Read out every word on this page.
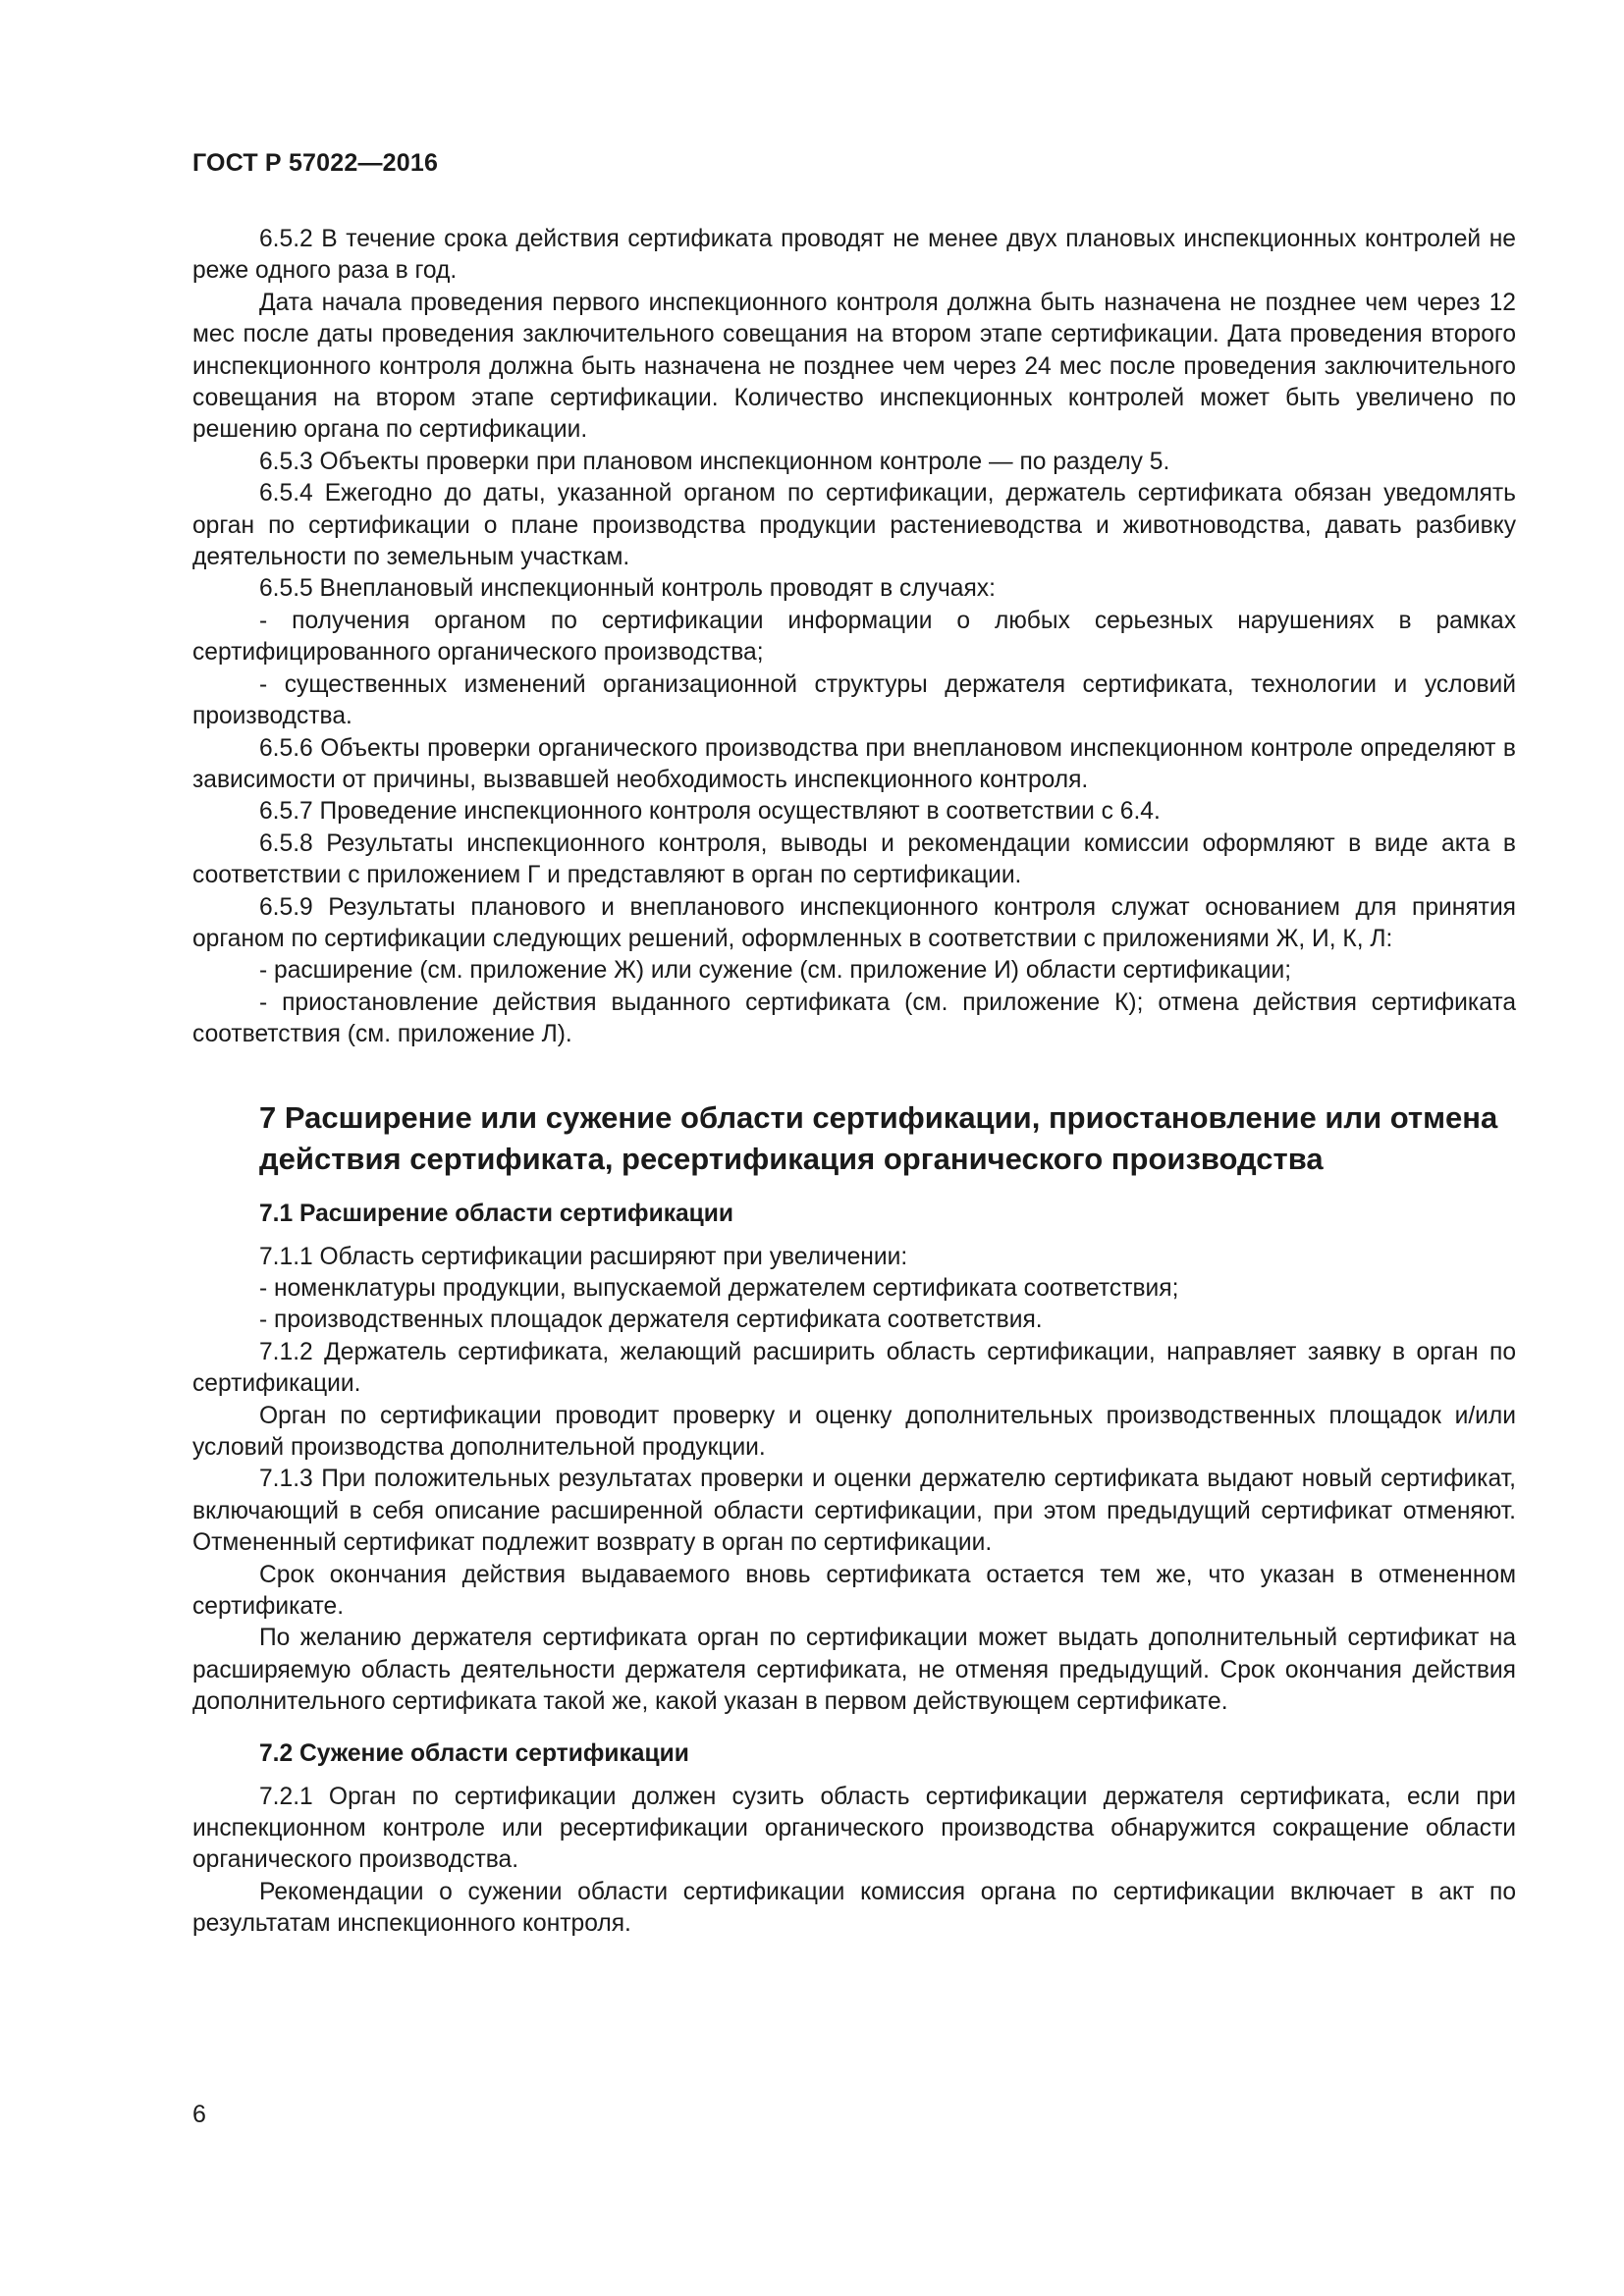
ГОСТ Р 57022—2016

6.5.2 В течение срока действия сертификата проводят не менее двух плановых инспекционных контролей не реже одного раза в год.

Дата начала проведения первого инспекционного контроля должна быть назначена не позднее чем через 12 мес после даты проведения заключительного совещания на втором этапе сертификации. Дата проведения второго инспекционного контроля должна быть назначена не позднее чем через 24 мес после проведения заключительного совещания на втором этапе сертификации. Количество инспекционных контролей может быть увеличено по решению органа по сертификации.

6.5.3 Объекты проверки при плановом инспекционном контроле — по разделу 5.

6.5.4 Ежегодно до даты, указанной органом по сертификации, держатель сертификата обязан уведомлять орган по сертификации о плане производства продукции растениеводства и животноводства, давать разбивку деятельности по земельным участкам.

6.5.5 Внеплановый инспекционный контроль проводят в случаях:

- получения органом по сертификации информации о любых серьезных нарушениях в рамках сертифицированного органического производства;

- существенных изменений организационной структуры держателя сертификата, технологии и условий производства.

6.5.6 Объекты проверки органического производства при внеплановом инспекционном контроле определяют в зависимости от причины, вызвавшей необходимость инспекционного контроля.

6.5.7 Проведение инспекционного контроля осуществляют в соответствии с 6.4.

6.5.8 Результаты инспекционного контроля, выводы и рекомендации комиссии оформляют в виде акта в соответствии с приложением Г и представляют в орган по сертификации.

6.5.9 Результаты планового и внепланового инспекционного контроля служат основанием для принятия органом по сертификации следующих решений, оформленных в соответствии с приложениями Ж, И, К, Л:

- расширение (см. приложение Ж) или сужение (см. приложение И) области сертификации;

- приостановление действия выданного сертификата (см. приложение К); отмена действия сертификата соответствия (см. приложение Л).

7 Расширение или сужение области сертификации, приостановление или отмена действия сертификата, ресертификация органического производства
7.1 Расширение области сертификации

7.1.1 Область сертификации расширяют при увеличении:

- номенклатуры продукции, выпускаемой держателем сертификата соответствия;

- производственных площадок держателя сертификата соответствия.

7.1.2 Держатель сертификата, желающий расширить область сертификации, направляет заявку в орган по сертификации.

Орган по сертификации проводит проверку и оценку дополнительных производственных площадок и/или условий производства дополнительной продукции.

7.1.3 При положительных результатах проверки и оценки держателю сертификата выдают новый сертификат, включающий в себя описание расширенной области сертификации, при этом предыдущий сертификат отменяют. Отмененный сертификат подлежит возврату в орган по сертификации.

Срок окончания действия выдаваемого вновь сертификата остается тем же, что указан в отмененном сертификате.

По желанию держателя сертификата орган по сертификации может выдать дополнительный сертификат на расширяемую область деятельности держателя сертификата, не отменяя предыдущий. Срок окончания действия дополнительного сертификата такой же, какой указан в первом действующем сертификате.

7.2 Сужение области сертификации

7.2.1 Орган по сертификации должен сузить область сертификации держателя сертификата, если при инспекционном контроле или ресертификации органического производства обнаружится сокращение области органического производства.

Рекомендации о сужении области сертификации комиссия органа по сертификации включает в акт по результатам инспекционного контроля.

6
